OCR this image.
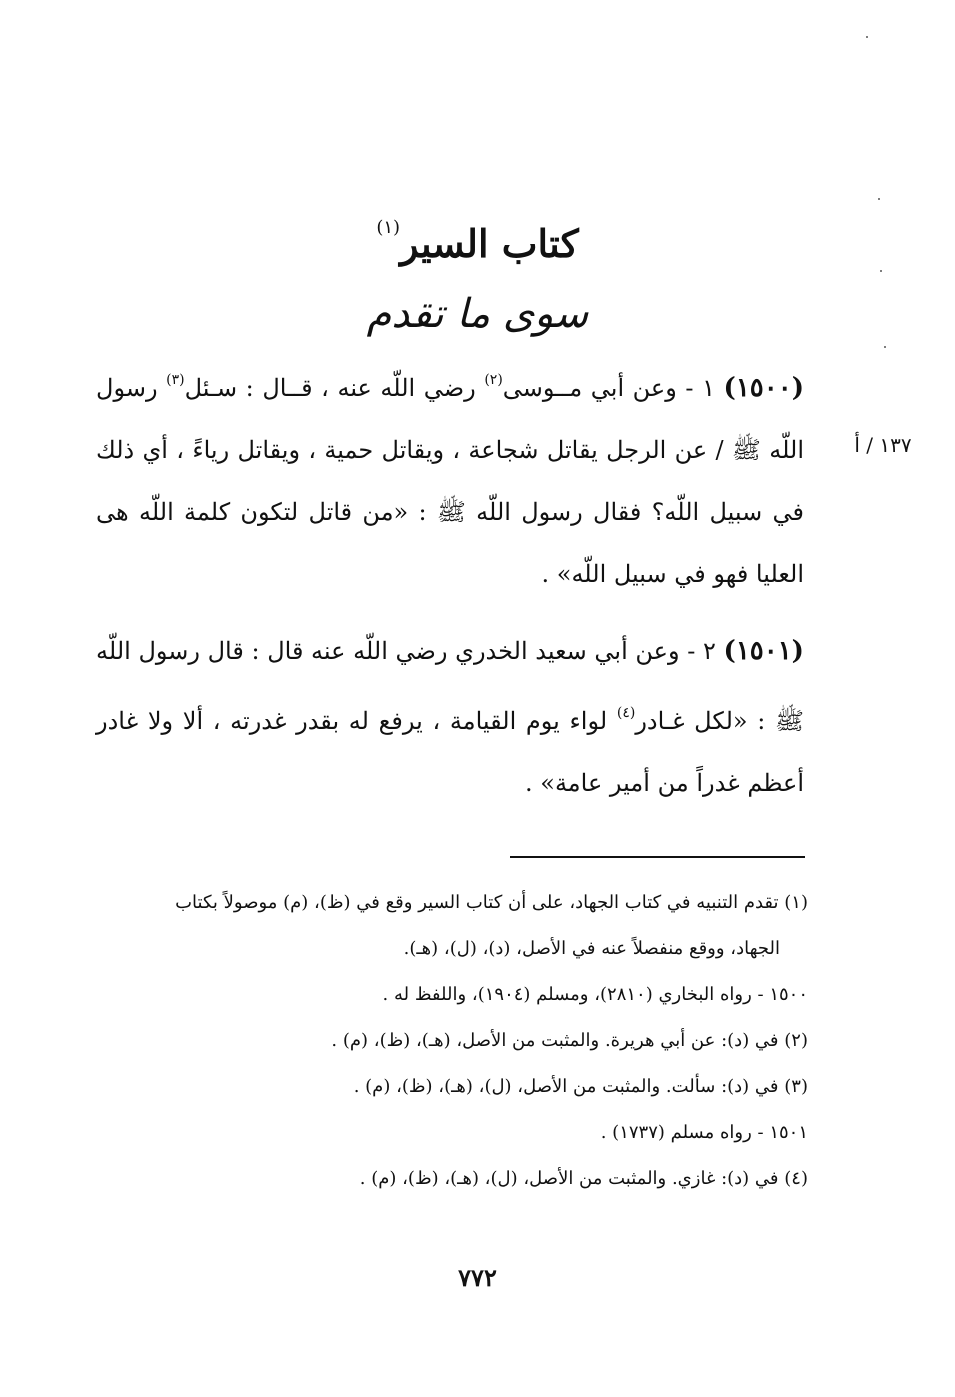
كتاب السير$^{(١)}$
سوى ما تقدم
١٣٧ / أ
(١٥٠٠) ١ - وعن أبي مــوسى$^{(٢)}$ رضي اللّه عنه ، قــال : سـئل$^{(٣)}$ رسول اللّه ﷺ / عن الرجل يقاتل شجاعة ، ويقاتل حمية ، ويقاتل رياءً ، أي ذلك في سبيل اللّه؟ فقال رسول اللّه ﷺ : «من قاتل لتكون كلمة اللّه هى العليا فهو في سبيل اللّه» .
(١٥٠١) ٢ - وعن أبي سعيد الخدري رضي اللّه عنه قال : قال رسول اللّه ﷺ : «لكل غـادر$^{(٤)}$ لواء يوم القيامة ، يرفع له بقدر غدرته ، ألا ولا غادر أعظم غدراً من أمير عامة» .

(١) تقدم التنبيه في كتاب الجهاد، على أن كتاب السير وقع في (ظ)، (م) موصولاً بكتاب

الجهاد، ووقع منفصلاً عنه في الأصل، (د)، (ل)، (هـ).

١٥٠٠ - رواه البخاري (٢٨١٠)، ومسلم (١٩٠٤)، واللفظ له .

(٢) في (د): عن أبي هريرة. والمثبت من الأصل، (هـ)، (ظ)، (م) .

(٣) في (د): سألت. والمثبت من الأصل، (ل)، (هـ)، (ظ)، (م) .

١٥٠١ - رواه مسلم (١٧٣٧) .

(٤) في (د): غازي. والمثبت من الأصل، (ل)، (هـ)، (ظ)، (م) .

٧٧٢
